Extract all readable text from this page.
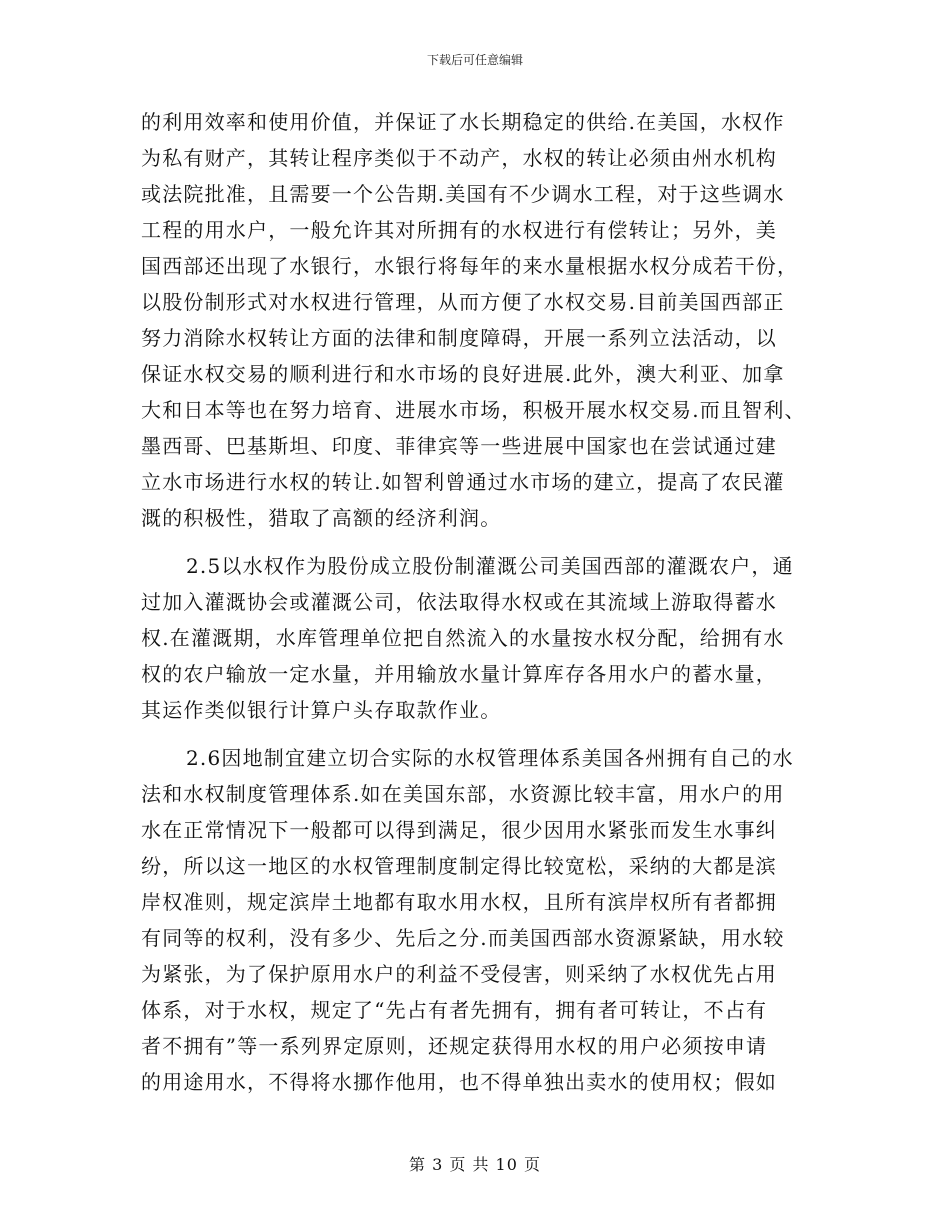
下载后可任意编辑
的利用效率和使用价值，并保证了水长期稳定的供给.在美国，水权作
为私有财产，其转让程序类似于不动产，水权的转让必须由州水机构
或法院批准，且需要一个公告期.美国有不少调水工程，对于这些调水
工程的用水户，一般允许其对所拥有的水权进行有偿转让；另外，美
国西部还出现了水银行，水银行将每年的来水量根据水权分成若干份，
以股份制形式对水权进行管理，从而方便了水权交易.目前美国西部正
努力消除水权转让方面的法律和制度障碍，开展一系列立法活动，以
保证水权交易的顺利进行和水市场的良好进展.此外，澳大利亚、加拿
大和日本等也在努力培育、进展水市场，积极开展水权交易.而且智利、
墨西哥、巴基斯坦、印度、菲律宾等一些进展中国家也在尝试通过建
立水市场进行水权的转让.如智利曾通过水市场的建立，提高了农民灌
溉的积极性，猎取了高额的经济利润。
2.5以水权作为股份成立股份制灌溉公司美国西部的灌溉农户，通
过加入灌溉协会或灌溉公司，依法取得水权或在其流域上游取得蓄水
权.在灌溉期，水库管理单位把自然流入的水量按水权分配，给拥有水
权的农户输放一定水量，并用输放水量计算库存各用水户的蓄水量，
其运作类似银行计算户头存取款作业。
2.6因地制宜建立切合实际的水权管理体系美国各州拥有自己的水
法和水权制度管理体系.如在美国东部，水资源比较丰富，用水户的用
水在正常情况下一般都可以得到满足，很少因用水紧张而发生水事纠
纷，所以这一地区的水权管理制度制定得比较宽松，采纳的大都是滨
岸权准则，规定滨岸土地都有取水用水权，且所有滨岸权所有者都拥
有同等的权利，没有多少、先后之分.而美国西部水资源紧缺，用水较
为紧张，为了保护原用水户的利益不受侵害，则采纳了水权优先占用
体系，对于水权，规定了“先占有者先拥有，拥有者可转让，不占有
者不拥有”等一系列界定原则，还规定获得用水权的用户必须按申请
的用途用水，不得将水挪作他用，也不得单独出卖水的使用权；假如
第 3 页 共 10 页
